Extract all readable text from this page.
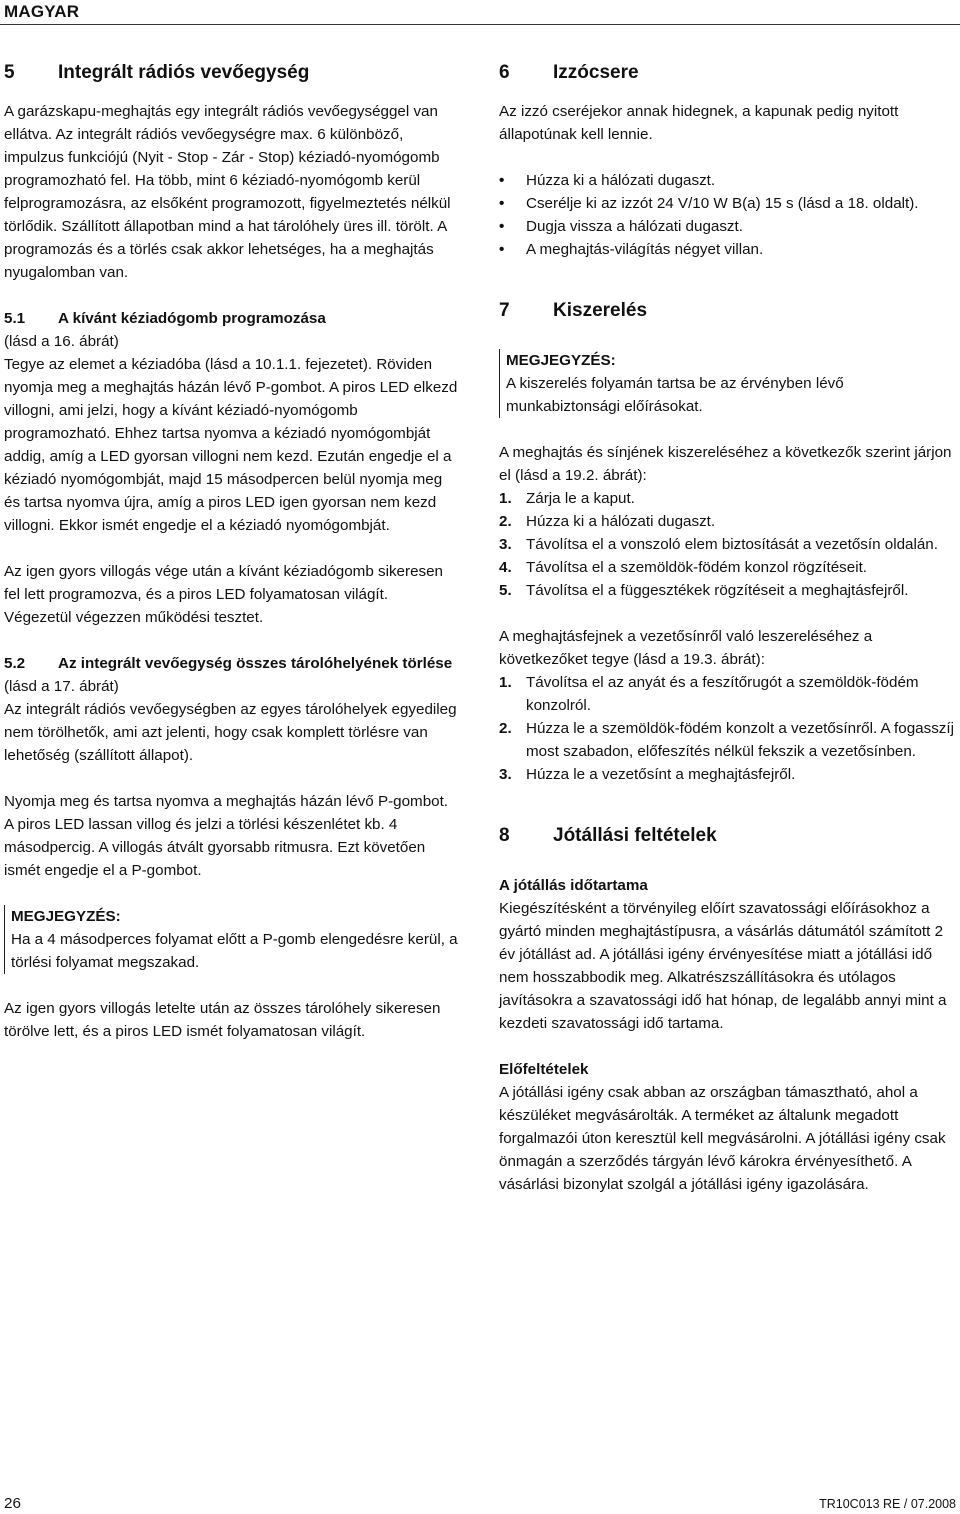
MAGYAR
5	Integrált rádiós vevőegység

A garázskapu-meghajtás egy integrált rádiós vevőegységgel van ellátva. Az integrált rádiós vevőegységre max. 6 különböző, impulzus funkciójú (Nyit - Stop - Zár - Stop) kéziadó-nyomógomb programozható fel. Ha több, mint 6 kéziadó-nyomógomb kerül felprogramozásra, az elsőként programozott, figyelmeztetés nélkül törlődik. Szállított állapotban mind a hat tárolóhely üres ill. törölt. A programozás és a törlés csak akkor lehetséges, ha a meghajtás nyugalomban van.

5.1	A kívánt kéziadógomb programozása

(lásd a 16. ábrát)

Tegye az elemet a kéziadóba (lásd a 10.1.1. fejezetet). Röviden nyomja meg a meghajtás házán lévő P-gombot. A piros LED elkezd villogni, ami jelzi, hogy a kívánt kéziadó-nyomógomb programozható. Ehhez tartsa nyomva a kéziadó nyomógombját addig, amíg a LED gyorsan villogni nem kezd. Ezután engedje el a kéziadó nyomógombját, majd 15 másodpercen belül nyomja meg és tartsa nyomva újra, amíg a piros LED igen gyorsan nem kezd villogni. Ekkor ismét engedje el a kéziadó nyomógombját.

Az igen gyors villogás vége után a kívánt kéziadógomb sikeresen fel lett programozva, és a piros LED folyamatosan világít. Végezetül végezzen működési tesztet.

5.2	Az integrált vevőegység összes tárolóhelyének törlése

(lásd a 17. ábrát)

Az integrált rádiós vevőegységben az egyes tárolóhelyek egyedileg nem törölhetők, ami azt jelenti, hogy csak komplett törlésre van lehetőség (szállított állapot).

Nyomja meg és tartsa nyomva a meghajtás házán lévő P-gombot. A piros LED lassan villog és jelzi a törlési készenlétet kb. 4 másodpercig. A villogás átvált gyorsabb ritmusra. Ezt követően ismét engedje el a P-gombot.

MEGJEGYZÉS:
Ha a 4 másodperces folyamat előtt a P-gomb elengedésre kerül, a törlési folyamat megszakad.

Az igen gyors villogás letelte után az összes tárolóhely sikeresen törölve lett, és a piros LED ismét folyamatosan világít.

6	Izzócsere

Az izzó cseréjekor annak hidegnek, a kapunak pedig nyitott állapotúnak kell lennie.

•	Húzza ki a hálózati dugaszt.
•	Cserélje ki az izzót 24 V/10 W B(a) 15 s (lásd a 18. oldalt).
•	Dugja vissza a hálózati dugaszt.
•	A meghajtás-világítás négyet villan.
7	Kiszerelés
MEGJEGYZÉS:
A kiszerelés folyamán tartsa be az érvényben lévő munkabiztonsági előírásokat.

A meghajtás és sínjének kiszereléséhez a következők szerint járjon el (lásd a 19.2. ábrát):

1. Zárja le a kaput.
2. Húzza ki a hálózati dugaszt.
3. Távolítsa el a vonszoló elem biztosítását a vezetősín oldalán.
4. Távolítsa el a szemöldök-födém konzol rögzítéseit.
5. Távolítsa el a függesztékek rögzítéseit a meghajtásfejről.

A meghajtásfejnek a vezetősínről való leszereléséhez a következőket tegye (lásd a 19.3. ábrát):

1. Távolítsa el az anyát és a feszítőrugót a szemöldök-födém konzolról.
2. Húzza le a szemöldök-födém konzolt a vezetősínről. A fogasszíj most szabadon, előfeszítés nélkül fekszik a vezetősínben.
3. Húzza le a vezetősínt a meghajtásfejről.
8	Jótállási feltételek
A jótállás időtartama

Kiegészítésként a törvényileg előírt szavatossági előírásokhoz a gyártó minden meghajtástípusra, a vásárlás dátumától számított 2 év jótállást ad. A jótállási igény érvényesítése miatt a jótállási idő nem hosszabbodik meg. Alkatrészszállításokra és utólagos javításokra a szavatossági idő hat hónap, de legalább annyi mint a kezdeti szavatossági idő tartama.

Előfeltételek

A jótállási igény csak abban az országban támasztható, ahol a készüléket megvásárolták. A terméket az általunk megadott forgalmazói úton keresztül kell megvásárolni. A jótállási igény csak önmagán a szerződés tárgyán lévő károkra érvényesíthető. A vásárlási bizonylat szolgál a jótállási igény igazolására.

26	TR10C013 RE / 07.2008
